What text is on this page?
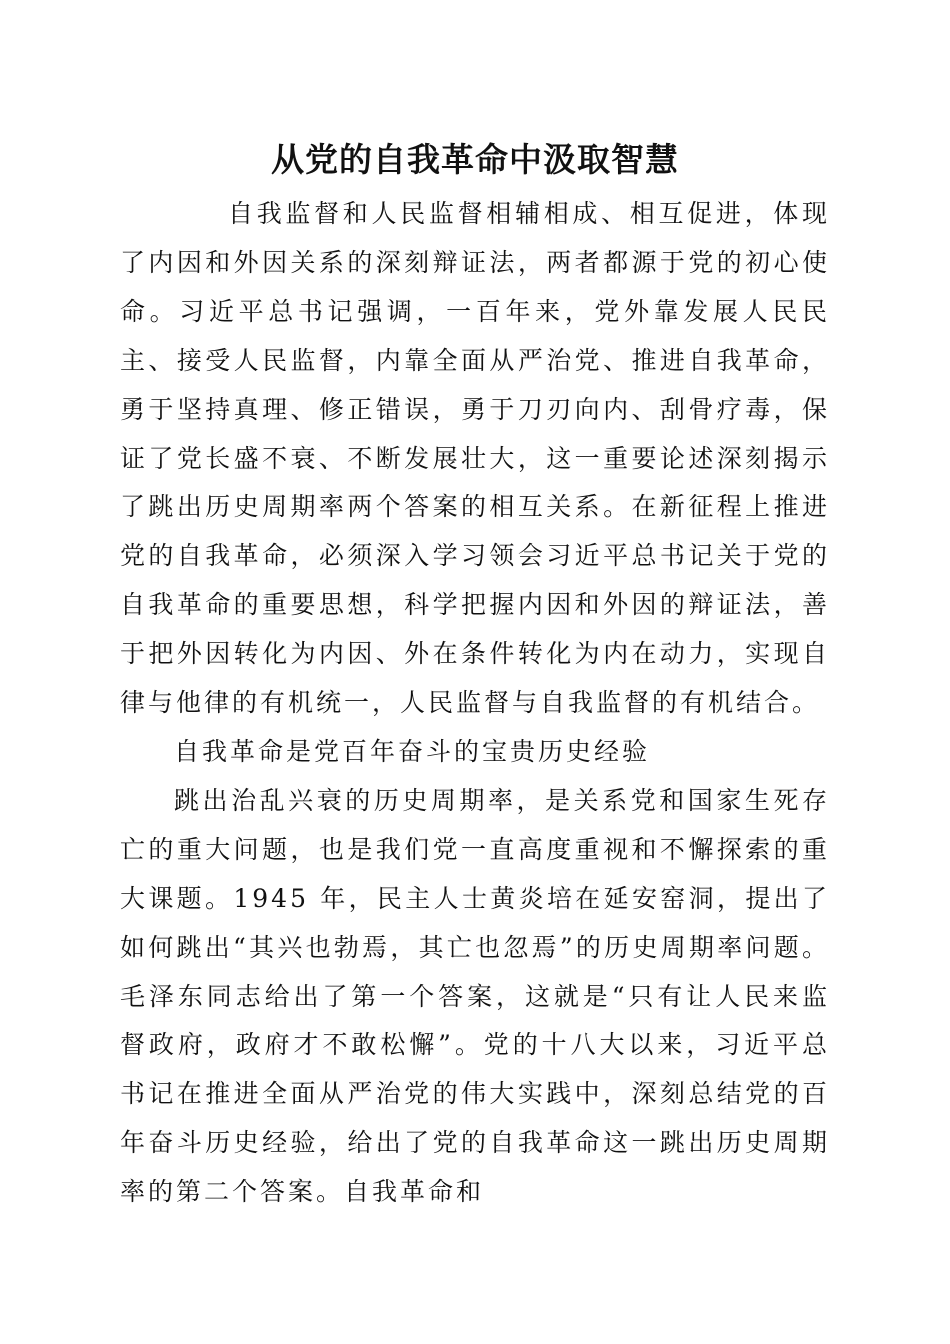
从党的自我革命中汲取智慧

自我监督和人民监督相辅相成、相互促进，体现了内因和外因关系的深刻辩证法，两者都源于党的初心使命。习近平总书记强调，一百年来，党外靠发展人民民主、接受人民监督，内靠全面从严治党、推进自我革命，勇于坚持真理、修正错误，勇于刀刃向内、刮骨疗毒，保证了党长盛不衰、不断发展壮大，这一重要论述深刻揭示了跳出历史周期率两个答案的相互关系。在新征程上推进党的自我革命，必须深入学习领会习近平总书记关于党的自我革命的重要思想，科学把握内因和外因的辩证法，善于把外因转化为内因、外在条件转化为内在动力，实现自律与他律的有机统一，人民监督与自我监督的有机结合。

自我革命是党百年奋斗的宝贵历史经验

跳出治乱兴衰的历史周期率，是关系党和国家生死存亡的重大问题，也是我们党一直高度重视和不懈探索的重大课题。1945 年，民主人士黄炎培在延安窑洞，提出了如何跳出“其兴也勃焉，其亡也忽焉”的历史周期率问题。毛泽东同志给出了第一个答案，这就是“只有让人民来监督政府，政府才不敢松懈”。党的十八大以来，习近平总书记在推进全面从严治党的伟大实践中，深刻总结党的百年奋斗历史经验，给出了党的自我革命这一跳出历史周期率的第二个答案。自我革命和
